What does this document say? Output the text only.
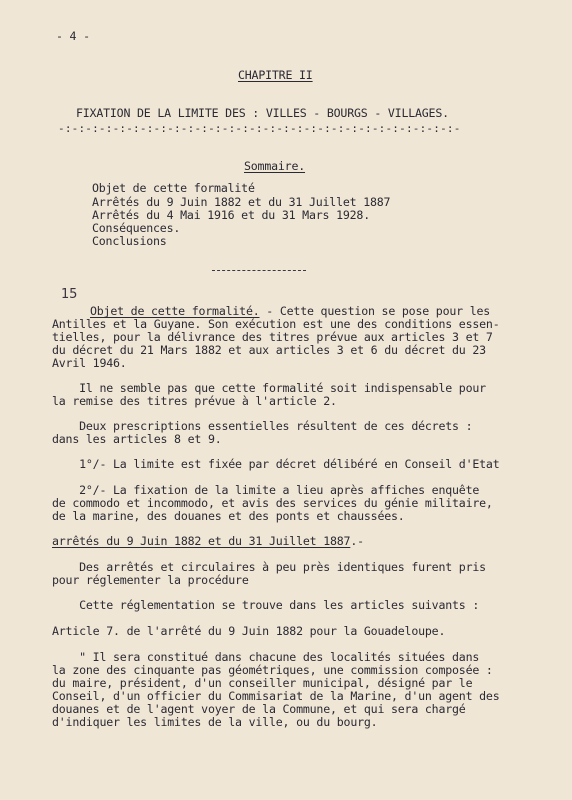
- 4 -
CHAPITRE II
FIXATION DE LA LIMITE DES : VILLES - BOURGS - VILLAGES.
-:-:-:-:-:-:-:-:-:-:-:-:-:-:-:-:-:-:-:-:-:-:-:-:-:-:-:-:-:-
Sommaire.
Objet de cette formalité
Arrêtés du 9 Juin 1882 et du 31 Juillet 1887
Arrêtés du 4 Mai 1916 et du 31 Mars 1928.
Conséquences.
Conclusions
15
Objet de cette formalité. - Cette question se pose pour les
Antilles et la Guyane. Son exécution est une des conditions essen-
tielles, pour la délivrance des titres prévue aux articles 3 et 7
du décret du 21 Mars 1882 et aux articles 3 et 6 du décret du 23
Avril 1946.
Il ne semble pas que cette formalité soit indispensable pour
la remise des titres prévue à l'article 2.
Deux prescriptions essentielles résultent de ces décrets :
dans les articles 8 et 9.
1°/- La limite est fixée par décret délibéré en Conseil d'Etat
2°/- La fixation de la limite a lieu après affiches enquête
de commodo et incommodo, et avis des services du génie militaire,
de la marine, des douanes et des ponts et chaussées.
arrêtés du 9 Juin 1882 et du 31 Juillet 1887.-
Des arrêtés et circulaires à peu près identiques furent pris
pour réglementer la procédure
Cette réglementation se trouve dans les articles suivants :
Article 7. de l'arrêté du 9 Juin 1882 pour la Gouadeloupe.
" Il sera constitué dans chacune des localités situées dans
la zone des cinquante pas géométriques, une commission composée :
du maire, président, d'un conseiller municipal, désigné par le
Conseil, d'un officier du Commisariat de la Marine, d'un agent des
douanes et de l'agent voyer de la Commune, et qui sera chargé
d'indiquer les limites de la ville, ou du bourg.
